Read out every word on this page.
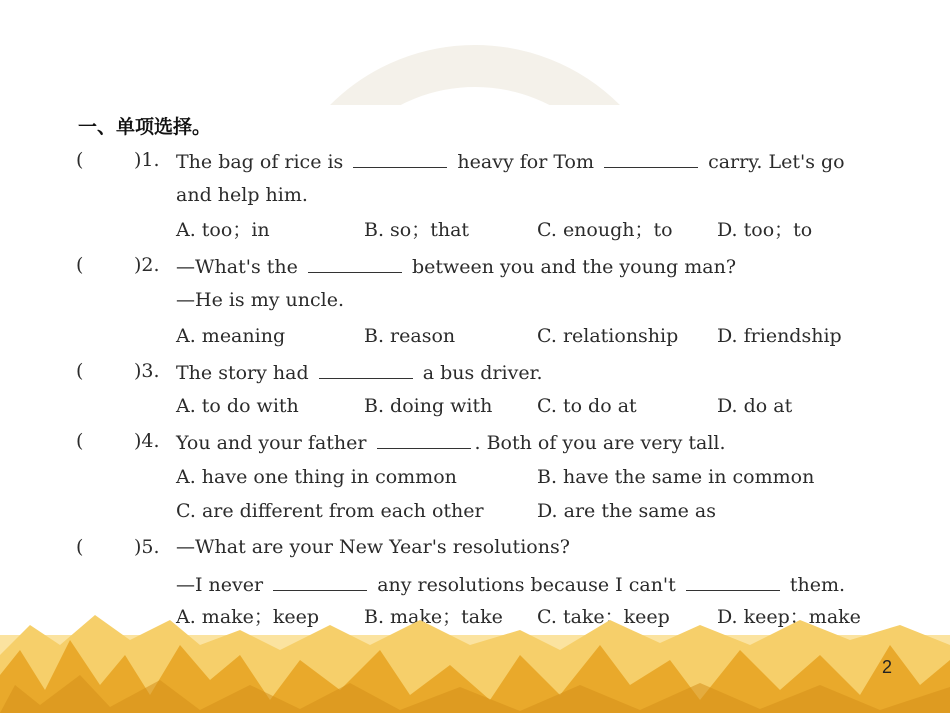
一、单项选择。
(	)1. The bag of rice is	heavy for Tom	carry. Let's go
and help him.
A. too；in	B. so；that	C. enough；to D. too；to
(	)2. —What's the	between you and the young man?
—He is my uncle.
A. meaning	B. reason	C. relationship D. friendship
(	)3. The story had	a bus driver.
A. to do with	B. doing with C. to do at	D. do at
(	)4. You and your father	. Both of you are very tall.
A. have one thing in common	B. have the same in common
C. are different from each other	D. are the same as
(	)5. —What are your New Year's resolutions?
—I never	any resolutions because I can't	them.
A. make；keep B. make；take C. take；keep D. keep；make
2
